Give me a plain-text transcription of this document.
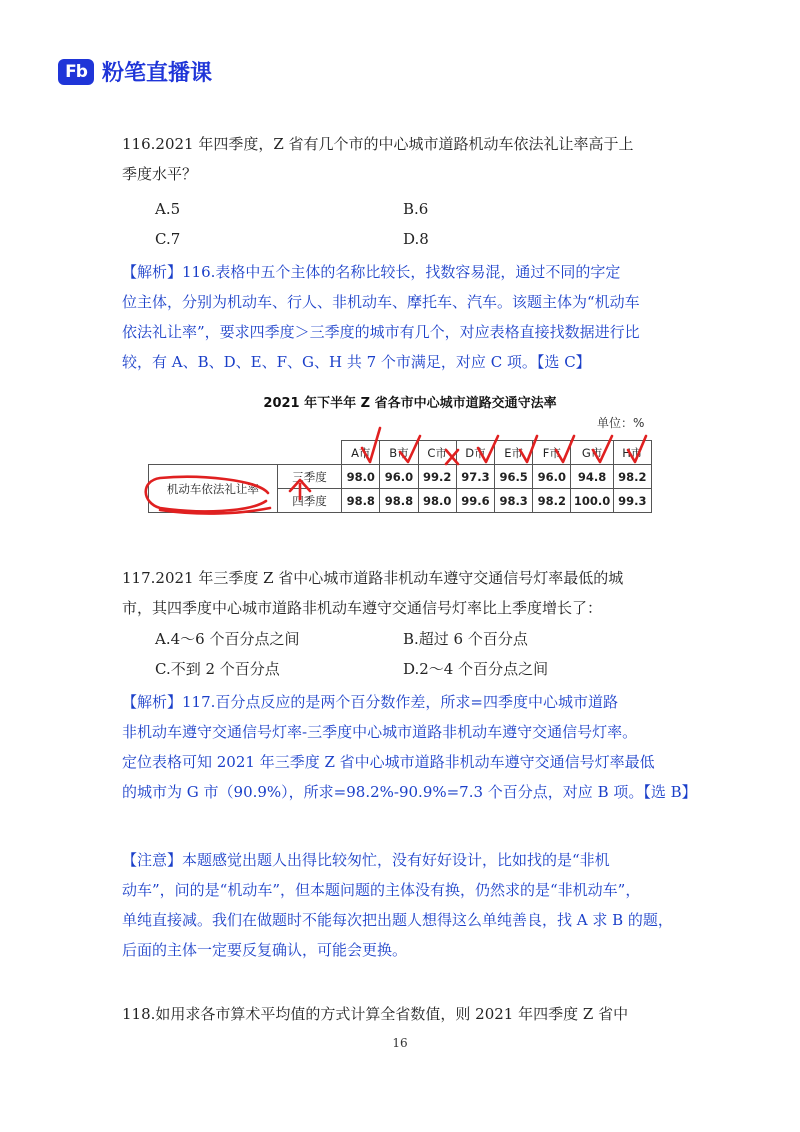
Fb 粉笔直播课
116.2021 年四季度，Z 省有几个市的中心城市道路机动车依法礼让率高于上
季度水平？
A.5	B.6
C.7	D.8
【解析】116.表格中五个主体的名称比较长，找数容易混，通过不同的字定
位主体，分别为机动车、行人、非机动车、摩托车、汽车。该题主体为“机动车
依法礼让率”，要求四季度＞三季度的城市有几个，对应表格直接找数据进行比
较，有 A、B、D、E、F、G、H 共 7 个市满足，对应 C 项。【选 C】
2021 年下半年 Z 省各市中心城市道路交通守法率
单位：%
		A市	B市	C市	D市	E市	F市	G市	H市
机动车依法礼让率	三季度	98.0	96.0	99.2	97.3	96.5	96.0	94.8	98.2
	四季度	98.8	98.8	98.0	99.6	98.3	98.2	100.0	99.3
117.2021 年三季度 Z 省中心城市道路非机动车遵守交通信号灯率最低的城
市，其四季度中心城市道路非机动车遵守交通信号灯率比上季度增长了：
A.4～6 个百分点之间	B.超过 6 个百分点
C.不到 2 个百分点	D.2～4 个百分点之间
【解析】117.百分点反应的是两个百分数作差，所求=四季度中心城市道路
非机动车遵守交通信号灯率-三季度中心城市道路非机动车遵守交通信号灯率。
定位表格可知 2021 年三季度 Z 省中心城市道路非机动车遵守交通信号灯率最低
的城市为 G 市（90.9%），所求=98.2%-90.9%=7.3 个百分点，对应 B 项。【选 B】
【注意】本题感觉出题人出得比较匆忙，没有好好设计，比如找的是“非机
动车”，问的是“机动车”，但本题问题的主体没有换，仍然求的是“非机动车”，
单纯直接减。我们在做题时不能每次把出题人想得这么单纯善良，找 A 求 B 的题，
后面的主体一定要反复确认，可能会更换。
118.如用求各市算术平均值的方式计算全省数值，则 2021 年四季度 Z 省中
16
